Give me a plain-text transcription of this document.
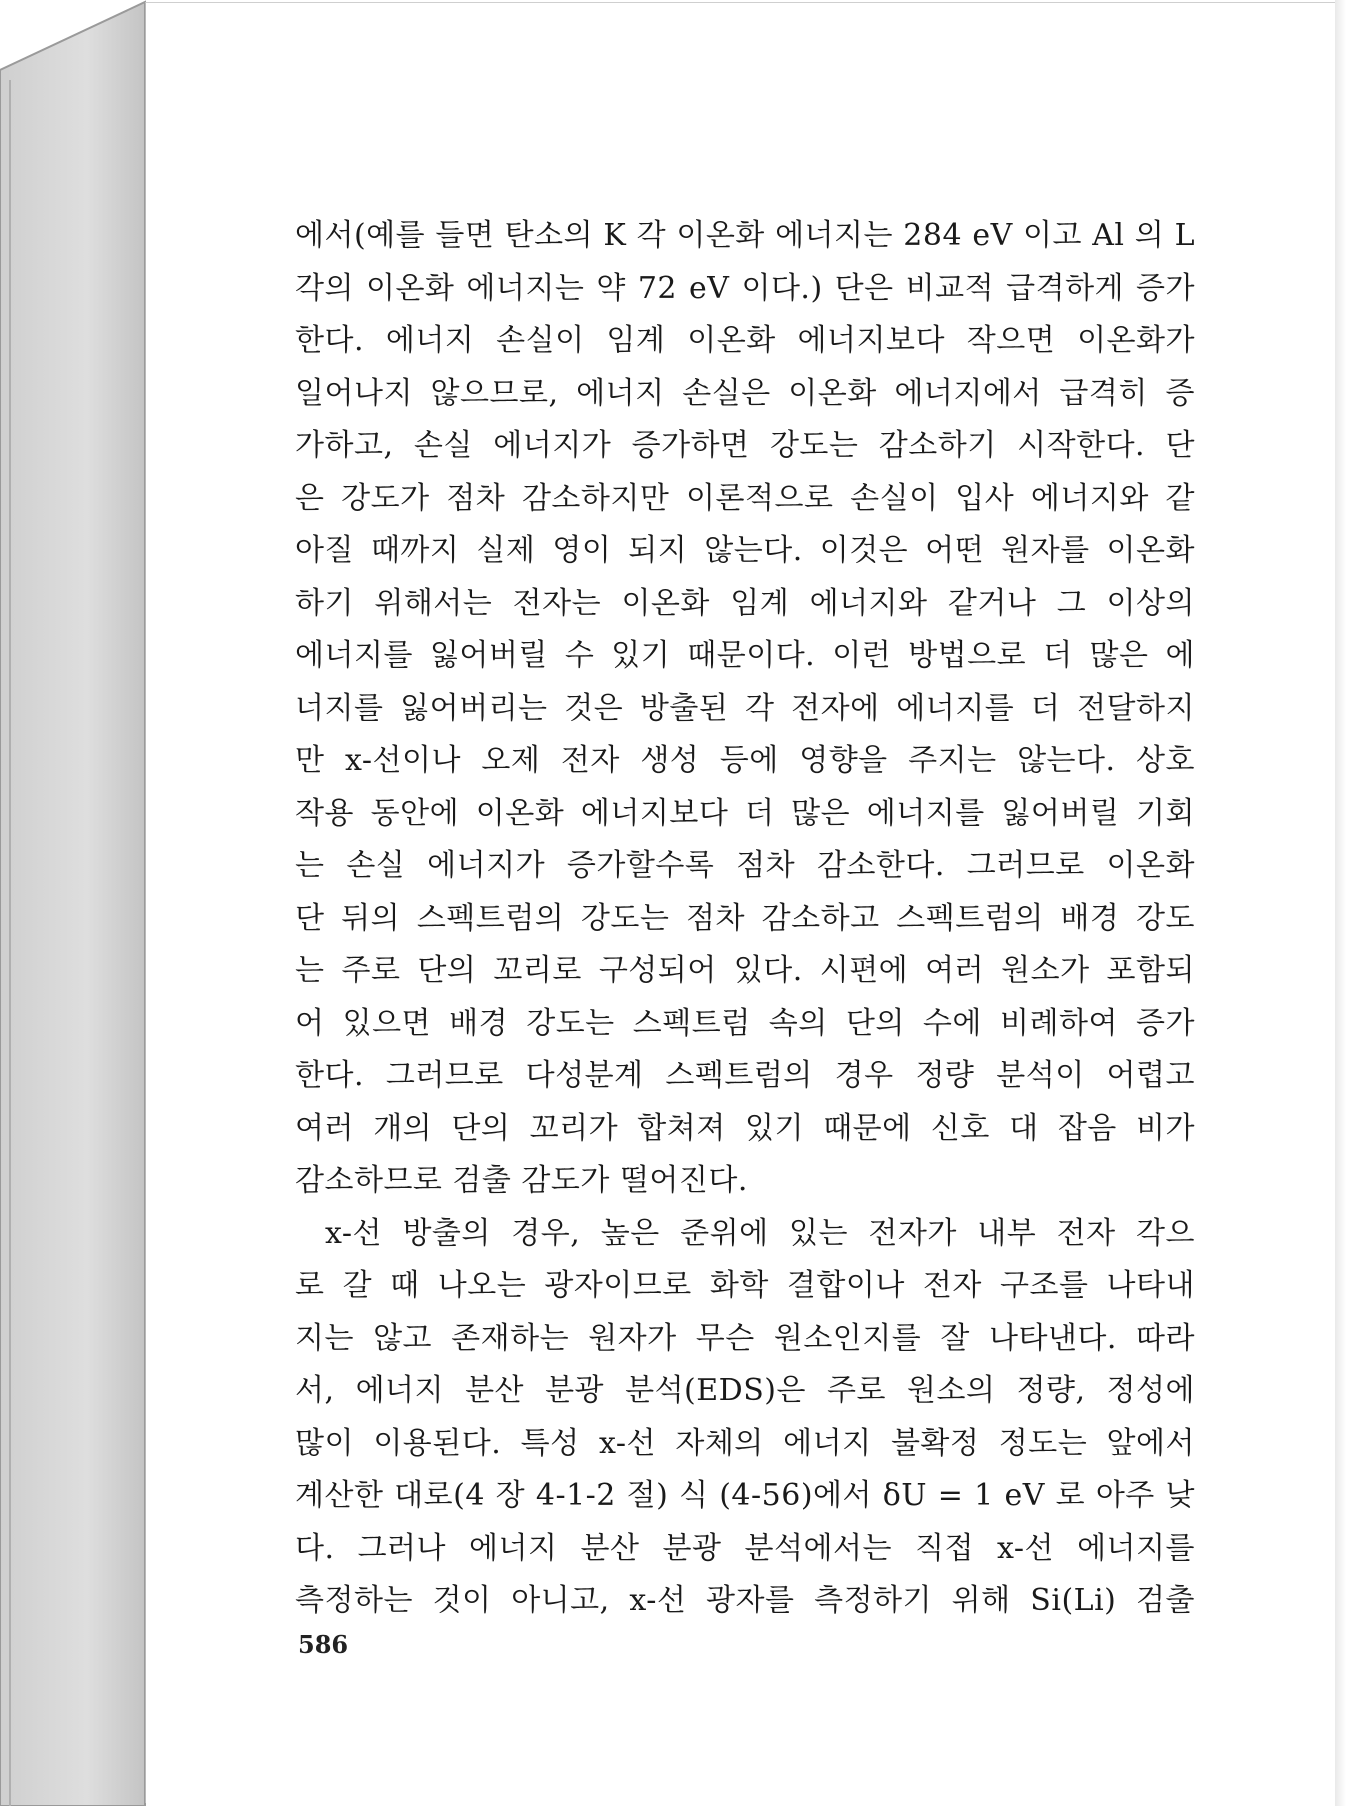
에서(예를 들면 탄소의 K 각 이온화 에너지는 284 eV 이고 Al 의 L
각의 이온화 에너지는 약 72 eV 이다.) 단은 비교적 급격하게 증가
한다. 에너지 손실이 임계 이온화 에너지보다 작으면 이온화가
일어나지 않으므로, 에너지 손실은 이온화 에너지에서 급격히 증
가하고, 손실 에너지가 증가하면 강도는 감소하기 시작한다. 단
은 강도가 점차 감소하지만 이론적으로 손실이 입사 에너지와 같
아질 때까지 실제 영이 되지 않는다. 이것은 어떤 원자를 이온화
하기 위해서는 전자는 이온화 임계 에너지와 같거나 그 이상의
에너지를 잃어버릴 수 있기 때문이다. 이런 방법으로 더 많은 에
너지를 잃어버리는 것은 방출된 각 전자에 에너지를 더 전달하지
만 x-선이나 오제 전자 생성 등에 영향을 주지는 않는다. 상호
작용 동안에 이온화 에너지보다 더 많은 에너지를 잃어버릴 기회
는 손실 에너지가 증가할수록 점차 감소한다. 그러므로 이온화
단 뒤의 스펙트럼의 강도는 점차 감소하고 스펙트럼의 배경 강도
는 주로 단의 꼬리로 구성되어 있다. 시편에 여러 원소가 포함되
어 있으면 배경 강도는 스펙트럼 속의 단의 수에 비례하여 증가
한다. 그러므로 다성분계 스펙트럼의 경우 정량 분석이 어렵고
여러 개의 단의 꼬리가 합쳐져 있기 때문에 신호 대 잡음 비가
감소하므로 검출 감도가 떨어진다.
x-선 방출의 경우, 높은 준위에 있는 전자가 내부 전자 각으
로 갈 때 나오는 광자이므로 화학 결합이나 전자 구조를 나타내
지는 않고 존재하는 원자가 무슨 원소인지를 잘 나타낸다. 따라
서, 에너지 분산 분광 분석(EDS)은 주로 원소의 정량, 정성에
많이 이용된다. 특성 x-선 자체의 에너지 불확정 정도는 앞에서
계산한 대로(4 장 4-1-2 절) 식 (4-56)에서 δU = 1 eV 로 아주 낮
다. 그러나 에너지 분산 분광 분석에서는 직접 x-선 에너지를
측정하는 것이 아니고, x-선 광자를 측정하기 위해 Si(Li) 검출
586
